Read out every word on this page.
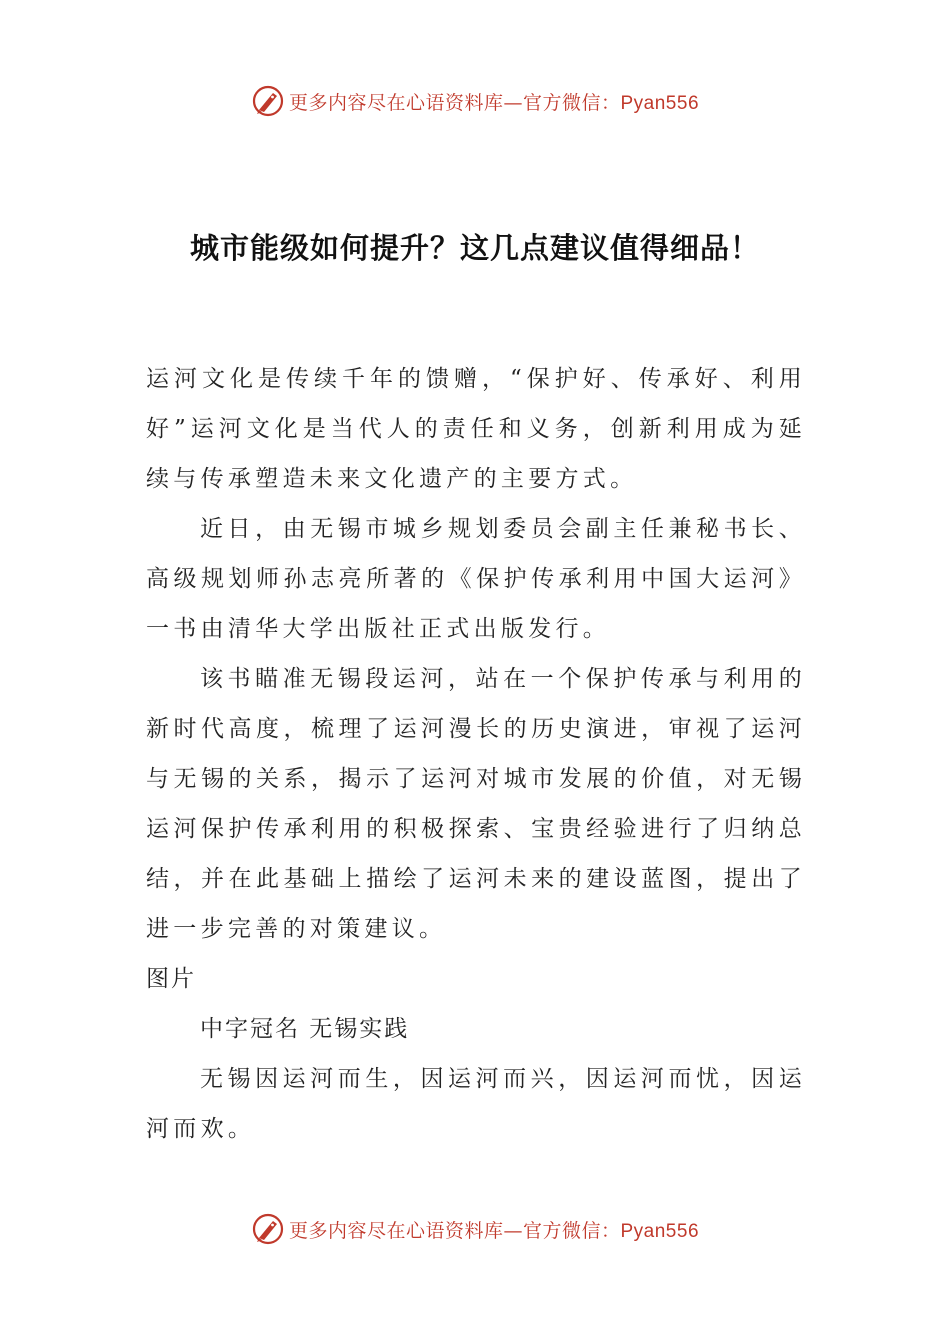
更多内容尽在心语资料库—官方微信：Pyan556
城市能级如何提升？这几点建议值得细品！

运河文化是传续千年的馈赠，“保护好、传承好、利用好”运河文化是当代人的责任和义务，创新利用成为延续与传承塑造未来文化遗产的主要方式。

近日，由无锡市城乡规划委员会副主任兼秘书长、高级规划师孙志亮所著的《保护传承利用中国大运河》一书由清华大学出版社正式出版发行。

该书瞄准无锡段运河，站在一个保护传承与利用的新时代高度，梳理了运河漫长的历史演进，审视了运河与无锡的关系，揭示了运河对城市发展的价值，对无锡运河保护传承利用的积极探索、宝贵经验进行了归纳总结，并在此基础上描绘了运河未来的建设蓝图，提出了进一步完善的对策建议。

图片

中字冠名 无锡实践

无锡因运河而生，因运河而兴，因运河而忧，因运河而欢。

更多内容尽在心语资料库—官方微信：Pyan556
